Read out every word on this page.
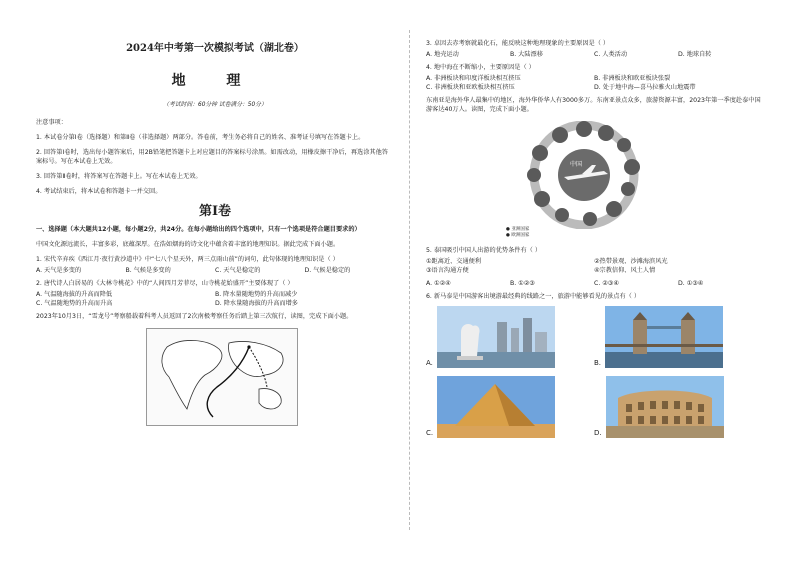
2024年中考第一次模拟考试（湖北卷）
地 理
（考试时间：60分钟 试卷满分：50分）
注意事项：
1. 本试卷分第Ⅰ卷（选择题）和第Ⅱ卷（非选择题）两部分。答卷前，考生务必将自己的姓名、准考证号填写在答题卡上。
2. 回答第Ⅰ卷时，选出每小题答案后，用2B铅笔把答题卡上对应题目的答案标号涂黑。如需改动，用橡皮擦干净后，再选涂其他答案标号。写在本试卷上无效。
3. 回答第Ⅱ卷时，将答案写在答题卡上。写在本试卷上无效。
4. 考试结束后，将本试卷和答题卡一并交回。
第Ⅰ卷
一、选择题（本大题共12小题，每小题2分，共24分。在每小题给出的四个选项中，只有一个选项是符合题目要求的）
中国文化源远流长，丰富多彩，底蕴深厚。在浩如烟海的诗文化中蕴含着丰富的地理知识。据此完成下面小题。
1. 宋代辛弃疾《西江月·夜行黄沙道中》中“七八个星天外，两三点雨山前”的词句，此句体现的地理知识是（ ）
A. 天气是多变的	B. 气候是多变的	C. 天气是稳定的	D. 气候是稳定的
2. 唐代诗人白居易的《大林寺桃花》中的“人间四月芳菲尽，山寺桃花始盛开”主要体现了（ ）
A. 气温随海拔的升高而降低	B. 降水量随地势的升高而减少
C. 气温随地势的升高而升高	D. 降水量随海拔的升高而增多
2023年10月3日，“雪龙号”考察船载着科考人员返回了2次南极考察任务后踏上第三次航行，读图，完成下面小题。
3. 卓因去赤考察就最化石，能反映这种地理现象的主要原因是（ ）
A. 地壳运动	B. 大陆漂移	C. 人类活动	D. 地球自转
4. 地中海在不断缩小，主要原因是（ ）
A. 非洲板块和印度洋板块相互挤压	B. 非洲板块和欧亚板块张裂
C. 非洲板块和亚欧板块相互挤压	D. 处于地中海—喜马拉雅火山地震带
东南亚是海外华人最集中的地区，海外华侨华人有3000多万。东南亚景点众多，旅游资源丰富，2023年第一季度赴泰中国游客达40万人。读图，完成下面小题。
中国
● 亚洲国家
● 欧洲国家
5. 泰国吸引中国人出游的优势条件有（ ）
①距离近、交通便利	②热带景观、沙滩海滨风光
③语言沟通方便	④宗教信仰、风土人情
A. ①②④	B. ①②③	C. ②③④	D. ①③④
6. 新马泰是中国游客出境游最经典的线路之一，旅游中能够看见的景点有（ ）
A.	B.
C.	D.
